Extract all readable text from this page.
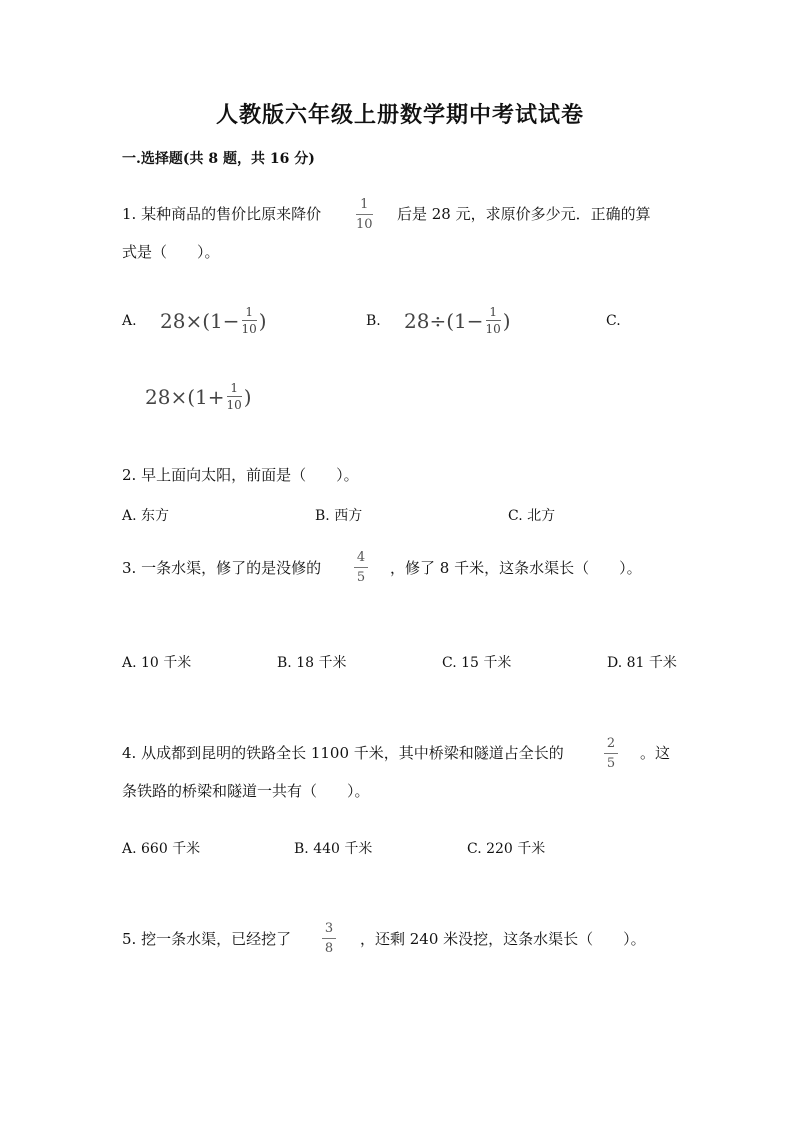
人教版六年级上册数学期中考试试卷
一.选择题(共 8 题，共 16 分)
1. 某种商品的售价比原来降价
1
10
后是 28 元，求原价多少元．正确的算
式是（　　）。
A. 28×(1− 1
10 )	B. 28÷(1− 1
10 )	C.
28×(1+ 1
10 )
2. 早上面向太阳，前面是（　　）。
A. 东方	B. 西方	C. 北方
3. 一条水渠，修了的是没修的
4
5
，修了 8 千米，这条水渠长（　　）。
A. 10 千米	B. 18 千米	C. 15 千米	D. 81 千米
4. 从成都到昆明的铁路全长 1100 千米，其中桥梁和隧道占全长的
2
5
。这
条铁路的桥梁和隧道一共有（　　）。
A. 660 千米	B. 440 千米	C. 220 千米
5. 挖一条水渠，已经挖了
3
8
，还剩 240 米没挖，这条水渠长（　　）。
